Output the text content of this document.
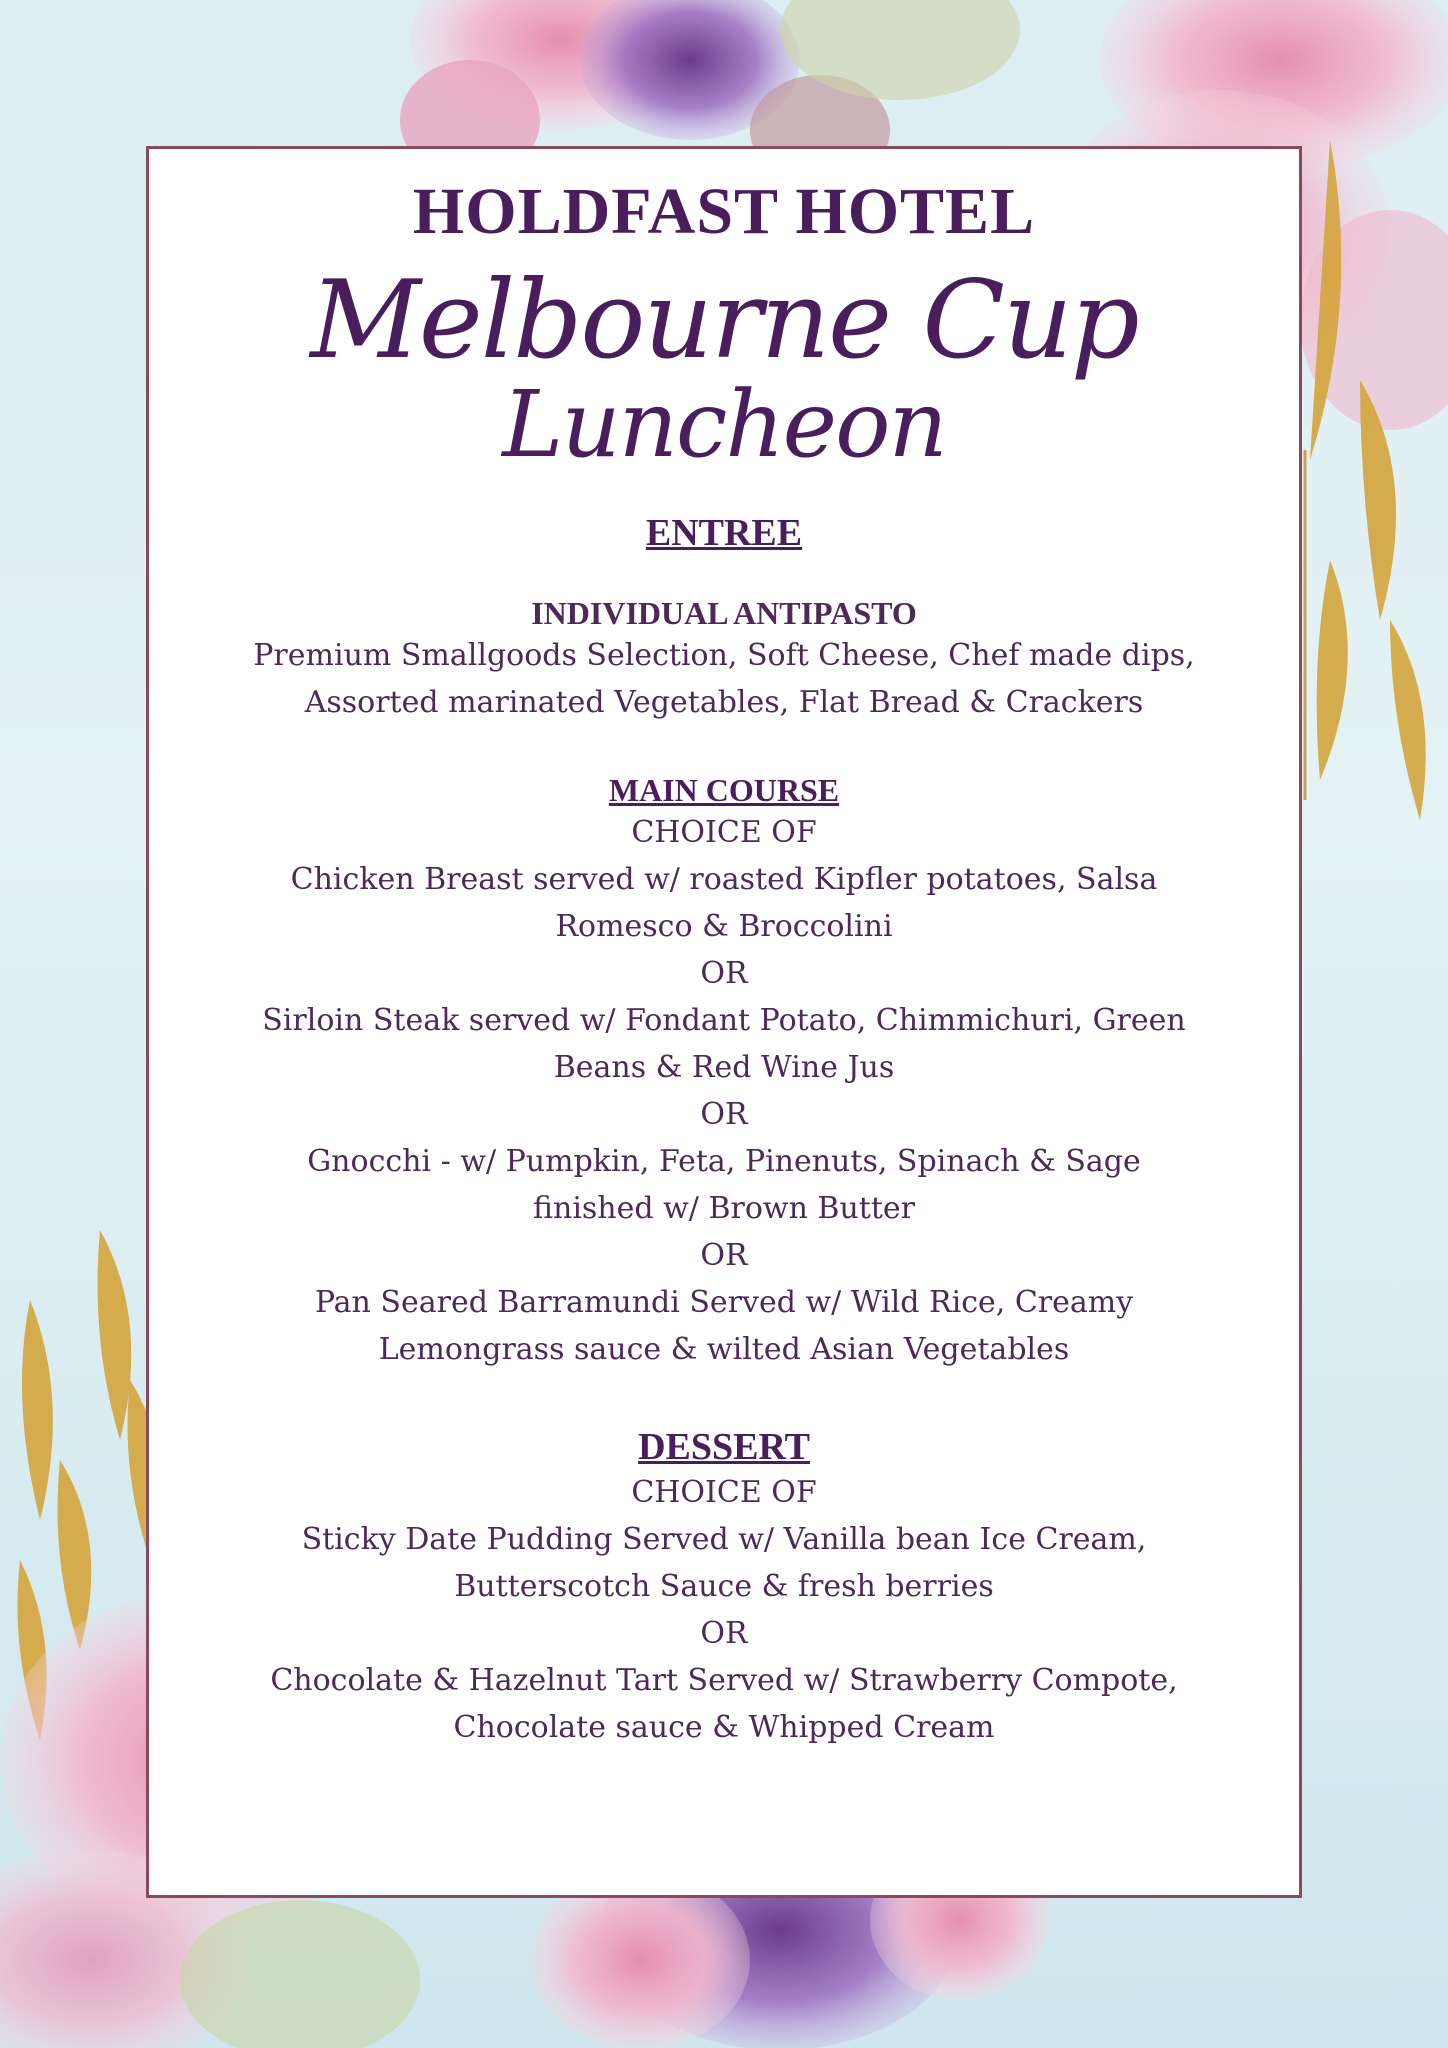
HOLDFAST HOTEL
Melbourne Cup
Luncheon
ENTREE
INDIVIDUAL ANTIPASTO
Premium Smallgoods Selection, Soft Cheese, Chef made dips,
Assorted marinated Vegetables, Flat Bread & Crackers
MAIN COURSE
CHOICE OF
Chicken Breast served w/ roasted Kipfler potatoes, Salsa
Romesco & Broccolini
OR
Sirloin Steak served w/ Fondant Potato, Chimmichuri, Green
Beans & Red Wine Jus
OR
Gnocchi - w/ Pumpkin, Feta, Pinenuts, Spinach & Sage
finished w/ Brown Butter
OR
Pan Seared Barramundi Served w/ Wild Rice, Creamy
Lemongrass sauce & wilted Asian Vegetables
DESSERT
CHOICE OF
Sticky Date Pudding Served w/ Vanilla bean Ice Cream,
Butterscotch Sauce & fresh berries
OR
Chocolate & Hazelnut Tart Served w/ Strawberry Compote,
Chocolate sauce & Whipped Cream
